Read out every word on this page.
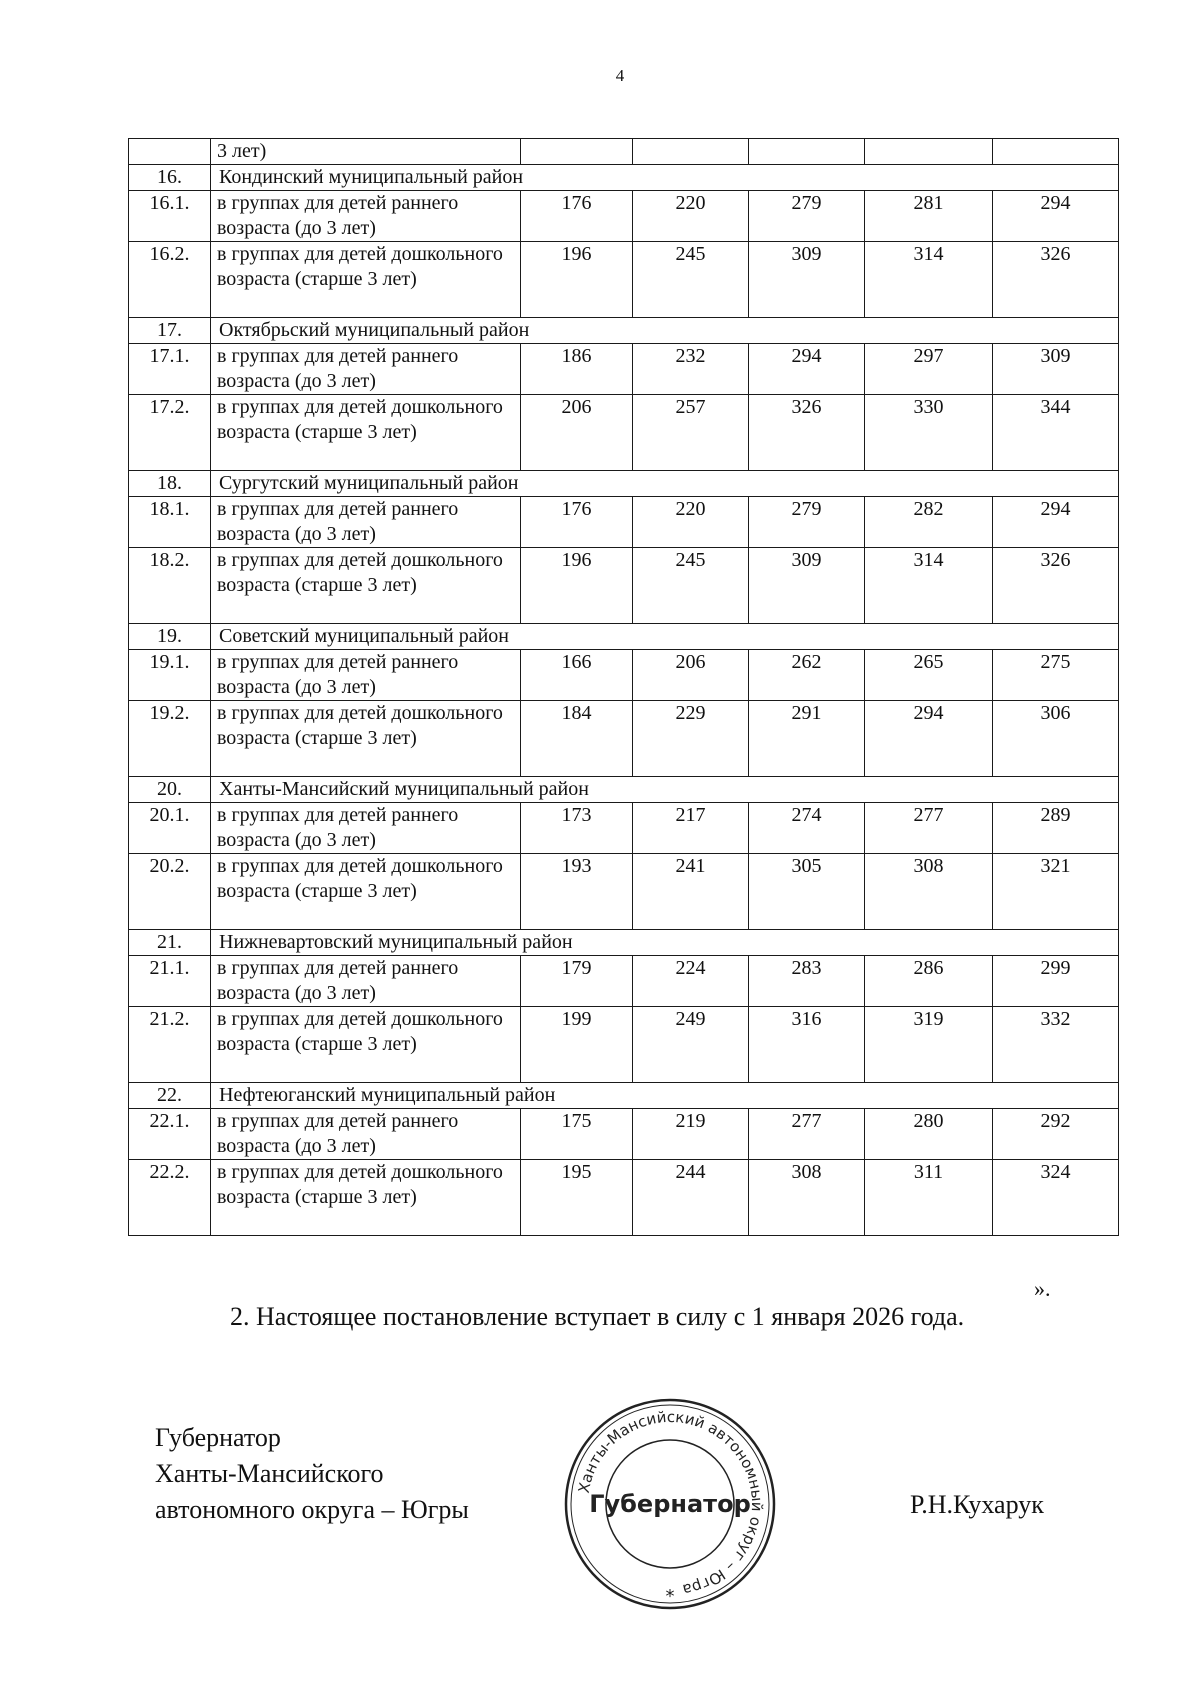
4
	3 лет)					
16.	Кондинский муниципальный район					
16.1.	в группах для детей раннего возраста (до 3 лет)	176	220	279	281	294
16.2.	в группах для детей дошкольного возраста (старше 3 лет)	196	245	309	314	326
17.	Октябрьский муниципальный район					
17.1.	в группах для детей раннего возраста (до 3 лет)	186	232	294	297	309
17.2.	в группах для детей дошкольного возраста (старше 3 лет)	206	257	326	330	344
18.	Сургутский муниципальный район					
18.1.	в группах для детей раннего возраста (до 3 лет)	176	220	279	282	294
18.2.	в группах для детей дошкольного возраста (старше 3 лет)	196	245	309	314	326
19.	Советский муниципальный район					
19.1.	в группах для детей раннего возраста (до 3 лет)	166	206	262	265	275
19.2.	в группах для детей дошкольного возраста (старше 3 лет)	184	229	291	294	306
20.	Ханты-Мансийский муниципальный район					
20.1.	в группах для детей раннего возраста (до 3 лет)	173	217	274	277	289
20.2.	в группах для детей дошкольного возраста (старше 3 лет)	193	241	305	308	321
21.	Нижневартовский муниципальный район					
21.1.	в группах для детей раннего возраста (до 3 лет)	179	224	283	286	299
21.2.	в группах для детей дошкольного возраста (старше 3 лет)	199	249	316	319	332
22.	Нефтеюганский муниципальный район					
22.1.	в группах для детей раннего возраста (до 3 лет)	175	219	277	280	292
22.2.	в группах для детей дошкольного возраста (старше 3 лет)	195	244	308	311	324
».
2. Настоящее постановление вступает в силу с 1 января 2026 года.
Губернатор
Ханты-Мансийского
автономного округа – Югры
Ханты-Мансийский автономный округ – Югра
Губернатор
*
Р.Н.Кухарук
